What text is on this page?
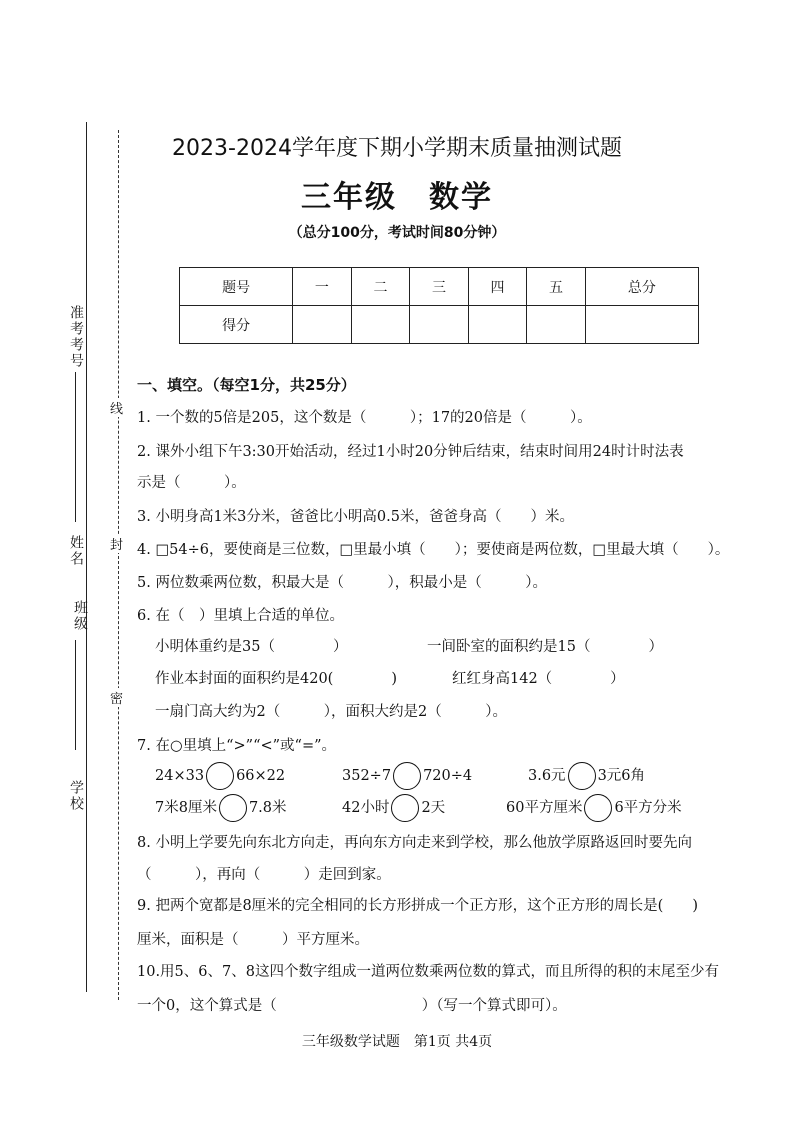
准考考号
姓名
班级
学校
线
封
密
2023-2024学年度下期小学期末质量抽测试题
三年级　数学
（总分100分，考试时间80分钟）
题号	一	二	三	四	五	总分
得分						
一、填空。（每空1分，共25分）
1. 一个数的5倍是205，这个数是（　　　）；17的20倍是（　　　）。
2. 课外小组下午3:30开始活动，经过1小时20分钟后结束，结束时间用24时计时法表
示是（　　　）。
3. 小明身高1米3分米，爸爸比小明高0.5米，爸爸身高（　　）米。
4. □54÷6，要使商是三位数，□里最小填（　　）；要使商是两位数，□里最大填（　　）。
5. 两位数乘两位数，积最大是（　　　），积最小是（　　　）。
6. 在（　）里填上合适的单位。
小明体重约是35（　　　　）	一间卧室的面积约是15（　　　　）
作业本封面的面积约是420(　　　　)	红红身高142（　　　　）
一扇门高大约为2（　　　），面积大约是2（　　　）。
7. 在○里填上“>”“<”或“=”。
24×33 66×22	352÷7 720÷4	3.6元 3元6角
7米8厘米 7.8米	42小时 2天	60平方厘米 6平方分米
8. 小明上学要先向东北方向走，再向东方向走来到学校，那么他放学原路返回时要先向
（　　　），再向（　　　）走回到家。
9. 把两个宽都是8厘米的完全相同的长方形拼成一个正方形，这个正方形的周长是(　　)
厘米，面积是（　　　）平方厘米。
10.用5、6、7、8这四个数字组成一道两位数乘两位数的算式，而且所得的积的末尾至少有
一个0，这个算式是（　　　　　　　　　　）（写一个算式即可）。
三年级数学试题　第1页 共4页
